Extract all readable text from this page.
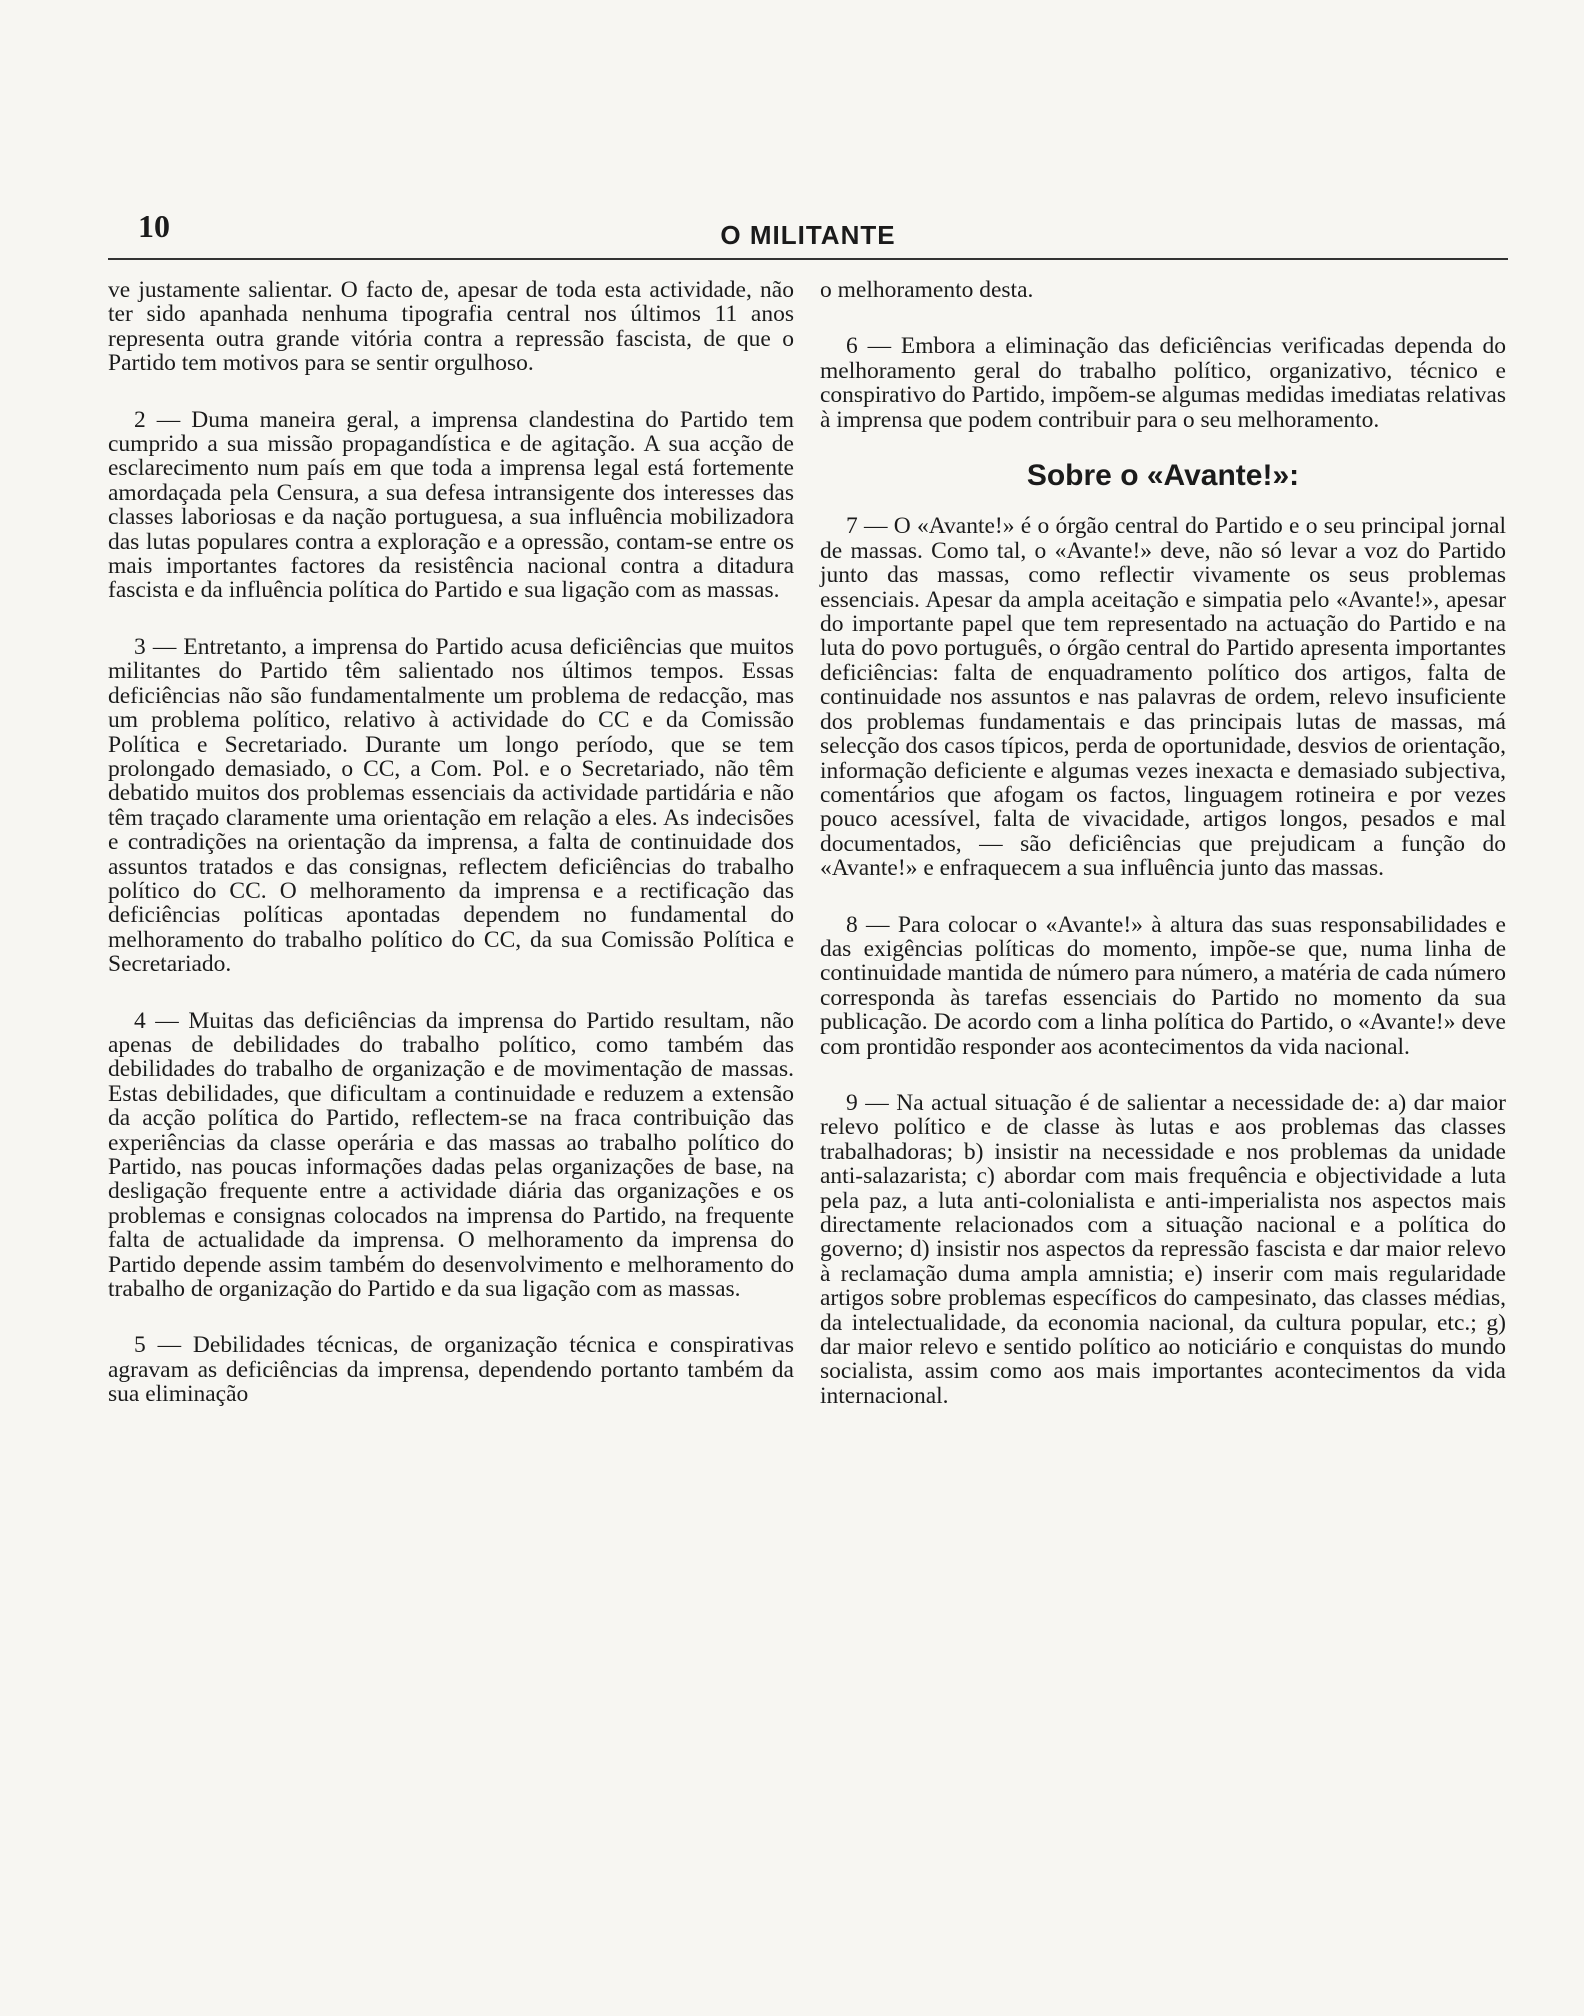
10	O MILITANTE

ve justamente salientar. O facto de, apesar de toda esta actividade, não ter sido apanhada nenhuma tipografia central nos últimos 11 anos representa outra grande vitória contra a repressão fascista, de que o Partido tem motivos para se sentir orgulhoso.

2 — Duma maneira geral, a imprensa clandestina do Partido tem cumprido a sua missão propagandística e de agitação. A sua acção de esclarecimento num país em que toda a imprensa legal está fortemente amordaçada pela Censura, a sua defesa intransigente dos interesses das classes laboriosas e da nação portuguesa, a sua influência mobilizadora das lutas populares contra a exploração e a opressão, contam-se entre os mais importantes factores da resistência nacional contra a ditadura fascista e da influência política do Partido e sua ligação com as massas.

3 — Entretanto, a imprensa do Partido acusa deficiências que muitos militantes do Partido têm salientado nos últimos tempos. Essas deficiências não são fundamentalmente um problema de redacção, mas um problema político, relativo à actividade do CC e da Comissão Política e Secretariado. Durante um longo período, que se tem prolongado demasiado, o CC, a Com. Pol. e o Secretariado, não têm debatido muitos dos problemas essenciais da actividade partidária e não têm traçado claramente uma orientação em relação a eles. As indecisões e contradições na orientação da imprensa, a falta de continuidade dos assuntos tratados e das consignas, reflectem deficiências do trabalho político do CC. O melhoramento da imprensa e a rectificação das deficiências políticas apontadas dependem no fundamental do melhoramento do trabalho político do CC, da sua Comissão Política e Secretariado.

4 — Muitas das deficiências da imprensa do Partido resultam, não apenas de debilidades do trabalho político, como também das debilidades do trabalho de organização e de movimentação de massas. Estas debilidades, que dificultam a continuidade e reduzem a extensão da acção política do Partido, reflectem-se na fraca contribuição das experiências da classe operária e das massas ao trabalho político do Partido, nas poucas informações dadas pelas organizações de base, na desligação frequente entre a actividade diária das organizações e os problemas e consignas colocados na imprensa do Partido, na frequente falta de actualidade da imprensa. O melhoramento da imprensa do Partido depende assim também do desenvolvimento e melhoramento do trabalho de organização do Partido e da sua ligação com as massas.

5 — Debilidades técnicas, de organização técnica e conspirativas agravam as deficiências da imprensa, dependendo portanto também da sua eliminação

o melhoramento desta.

6 — Embora a eliminação das deficiências verificadas dependa do melhoramento geral do trabalho político, organizativo, técnico e conspirativo do Partido, impõem-se algumas medidas imediatas relativas à imprensa que podem contribuir para o seu melhoramento.

Sobre o «Avante!»:

7 — O «Avante!» é o órgão central do Partido e o seu principal jornal de massas. Como tal, o «Avante!» deve, não só levar a voz do Partido junto das massas, como reflectir vivamente os seus problemas essenciais. Apesar da ampla aceitação e simpatia pelo «Avante!», apesar do importante papel que tem representado na actuação do Partido e na luta do povo português, o órgão central do Partido apresenta importantes deficiências: falta de enquadramento político dos artigos, falta de continuidade nos assuntos e nas palavras de ordem, relevo insuficiente dos problemas fundamentais e das principais lutas de massas, má selecção dos casos típicos, perda de oportunidade, desvios de orientação, informação deficiente e algumas vezes inexacta e demasiado subjectiva, comentários que afogam os factos, linguagem rotineira e por vezes pouco acessível, falta de vivacidade, artigos longos, pesados e mal documentados, — são deficiências que prejudicam a função do «Avante!» e enfraquecem a sua influência junto das massas.

8 — Para colocar o «Avante!» à altura das suas responsabilidades e das exigências políticas do momento, impõe-se que, numa linha de continuidade mantida de número para número, a matéria de cada número corresponda às tarefas essenciais do Partido no momento da sua publicação. De acordo com a linha política do Partido, o «Avante!» deve com prontidão responder aos acontecimentos da vida nacional.

9 — Na actual situação é de salientar a necessidade de: a) dar maior relevo político e de classe às lutas e aos problemas das classes trabalhadoras; b) insistir na necessidade e nos problemas da unidade anti-salazarista; c) abordar com mais frequência e objectividade a luta pela paz, a luta anti-colonialista e anti-imperialista nos aspectos mais directamente relacionados com a situação nacional e a política do governo; d) insistir nos aspectos da repressão fascista e dar maior relevo à reclamação duma ampla amnistia; e) inserir com mais regularidade artigos sobre problemas específicos do campesinato, das classes médias, da intelectualidade, da economia nacional, da cultura popular, etc.; g) dar maior relevo e sentido político ao noticiário e conquistas do mundo socialista, assim como aos mais importantes acontecimentos da vida internacional.
